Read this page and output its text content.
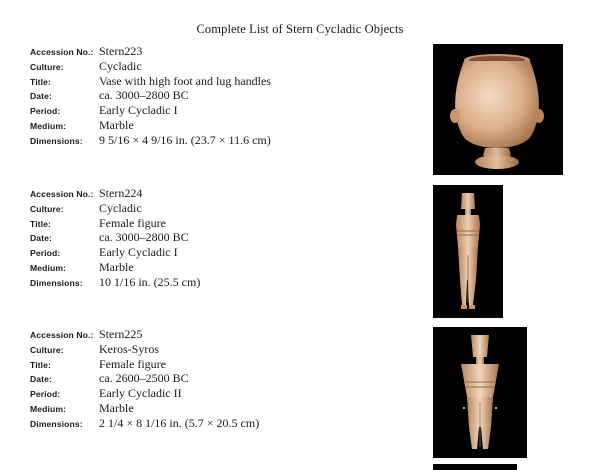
Complete List of Stern Cycladic Objects
Accession No.: Stern223
Culture:	Cycladic
Title:	Vase with high foot and lug handles
Date:	ca. 3000–2800 BC
Period:	Early Cycladic I
Medium:	Marble
Dimensions:	9 5/16 × 4 9/16 in. (23.7 × 11.6 cm)
Accession No.: Stern224
Culture:	Cycladic
Title:	Female figure
Date:	ca. 3000–2800 BC
Period:	Early Cycladic I
Medium:	Marble
Dimensions:	10 1/16 in. (25.5 cm)
Accession No.: Stern225
Culture:	Keros-Syros
Title:	Female figure
Date:	ca. 2600–2500 BC
Period:	Early Cycladic II
Medium:	Marble
Dimensions:	2 1/4 × 8 1/16 in. (5.7 × 20.5 cm)
